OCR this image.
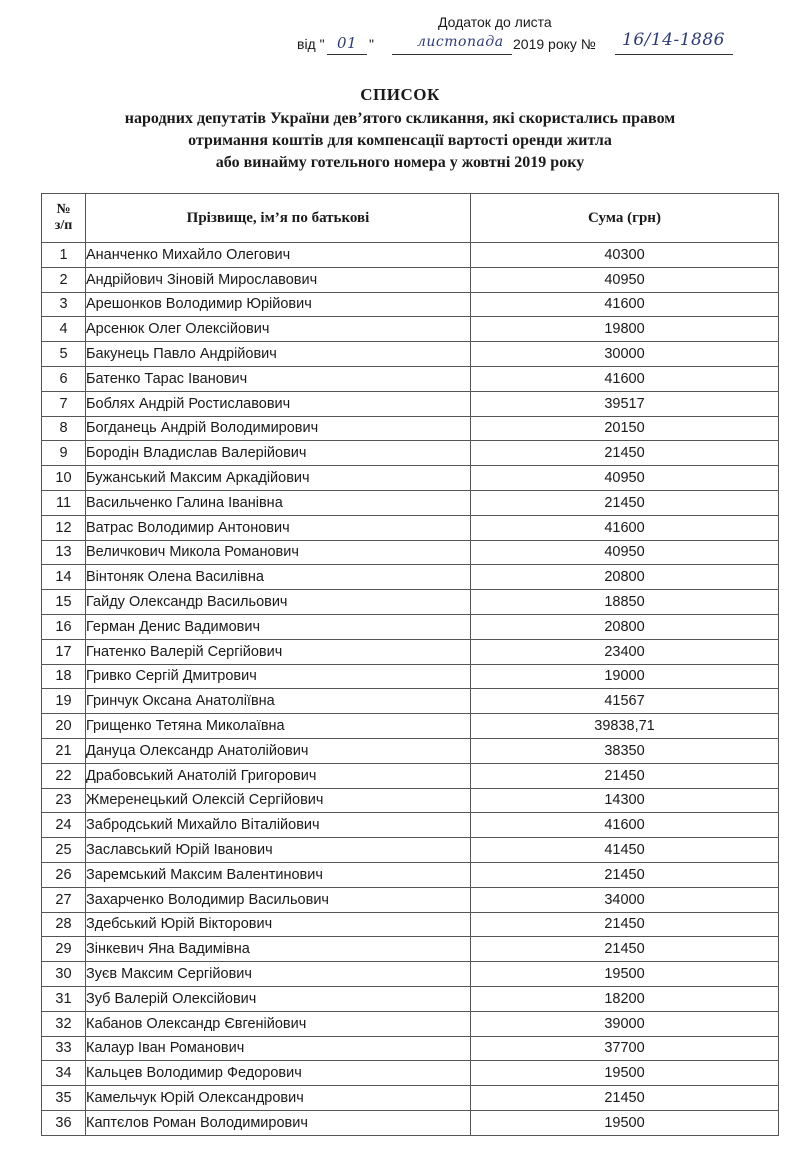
Додаток до листа
від " 01 "	листопада 2019 року № 16/14-1886
СПИСОК
народних депутатів України дев’ятого скликання, які скористались правом
отримання коштів для компенсації вартості оренди житла
або винайму готельного номера у жовтні 2019 року
№
з/п	Прізвище, ім’я по батькові	Сума (грн)
1	Ананченко Михайло Олегович	40300
2	Андрійович Зіновій Мирославович	40950
3	Арешонков Володимир Юрійович	41600
4	Арсенюк Олег Олексійович	19800
5	Бакунець Павло Андрійович	30000
6	Батенко Тарас Іванович	41600
7	Боблях Андрій Ростиславович	39517
8	Богданець Андрій Володимирович	20150
9	Бородін Владислав Валерійович	21450
10	Бужанський Максим Аркадійович	40950
11	Васильченко Галина Іванівна	21450
12	Ватрас Володимир Антонович	41600
13	Величкович Микола Романович	40950
14	Вінтоняк Олена Василівна	20800
15	Гайду Олександр Васильович	18850
16	Герман Денис Вадимович	20800
17	Гнатенко Валерій Сергійович	23400
18	Гривко Сергій Дмитрович	19000
19	Гринчук Оксана Анатоліївна	41567
20	Грищенко Тетяна Миколаївна	39838,71
21	Дануца Олександр Анатолійович	38350
22	Драбовський Анатолій Григорович	21450
23	Жмеренецький Олексій Сергійович	14300
24	Забродський Михайло Віталійович	41600
25	Заславський Юрій Іванович	41450
26	Заремський Максим Валентинович	21450
27	Захарченко Володимир Васильович	34000
28	Здебський Юрій Вікторович	21450
29	Зінкевич Яна Вадимівна	21450
30	Зуєв Максим Сергійович	19500
31	Зуб Валерій Олексійович	18200
32	Кабанов Олександр Євгенійович	39000
33	Калаур Іван Романович	37700
34	Кальцев Володимир Федорович	19500
35	Камельчук Юрій Олександрович	21450
36	Каптєлов Роман Володимирович	19500
